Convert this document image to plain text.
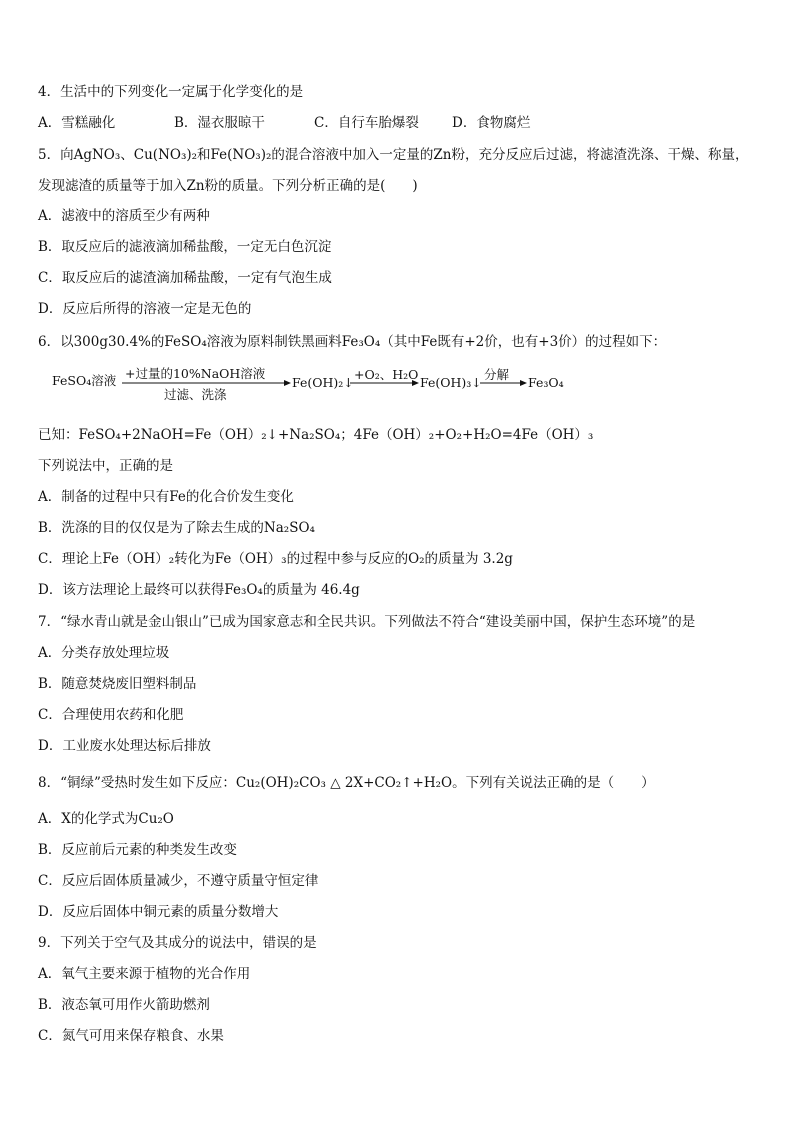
4．生活中的下列变化一定属于化学变化的是
A．雪糕融化	B．湿衣服晾干	C．自行车胎爆裂	D．食物腐烂
5．向AgNO₃、Cu(NO₃)₂和Fe(NO₃)₂的混合溶液中加入一定量的Zn粉，充分反应后过滤，将滤渣洗涤、干燥、称量，
发现滤渣的质量等于加入Zn粉的质量。下列分析正确的是(　　)
A．滤液中的溶质至少有两种
B．取反应后的滤液滴加稀盐酸，一定无白色沉淀
C．取反应后的滤渣滴加稀盐酸，一定有气泡生成
D．反应后所得的溶液一定是无色的
6．以300g30.4%的FeSO₄溶液为原料制铁黑画料Fe₃O₄（其中Fe既有+2价，也有+3价）的过程如下：
FeSO₄溶液 +过量的10%NaOH溶液
过滤、洗涤
Fe(OH)₂↓
+O₂、H₂O
Fe(OH)₃↓
分解
Fe₃O₄
已知：FeSO₄+2NaOH=Fe（OH）₂↓+Na₂SO₄；4Fe（OH）₂+O₂+H₂O=4Fe（OH）₃
下列说法中，正确的是
A．制备的过程中只有Fe的化合价发生变化
B．洗涤的目的仅仅是为了除去生成的Na₂SO₄
C．理论上Fe（OH）₂转化为Fe（OH）₃的过程中参与反应的O₂的质量为 3.2g
D．该方法理论上最终可以获得Fe₃O₄的质量为 46.4g
7．“绿水青山就是金山银山”已成为国家意志和全民共识。下列做法不符合“建设美丽中国，保护生态环境”的是
A．分类存放处理垃圾
B．随意焚烧废旧塑料制品
C．合理使用农药和化肥
D．工业废水处理达标后排放
8．“铜绿”受热时发生如下反应：Cu₂(OH)₂CO₃ △ 2X+CO₂↑+H₂O。下列有关说法正确的是（　　）
A．X的化学式为Cu₂O
B．反应前后元素的种类发生改变
C．反应后固体质量减少，不遵守质量守恒定律
D．反应后固体中铜元素的质量分数增大
9．下列关于空气及其成分的说法中，错误的是
A．氧气主要来源于植物的光合作用
B．液态氧可用作火箭助燃剂
C．氮气可用来保存粮食、水果
